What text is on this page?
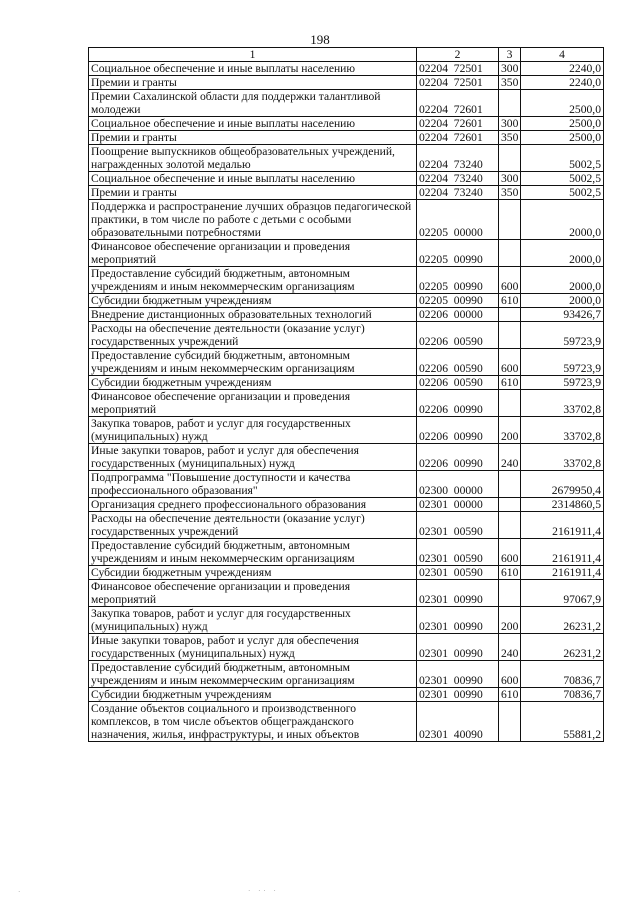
198
1	2	3	4
Социальное обеспечение и иные выплаты населению	02204  72501	300	2240,0
Премии и гранты	02204  72501	350	2240,0
Премии Сахалинской области для поддержки талантливой молодежи	02204  72601		2500,0
Социальное обеспечение и иные выплаты населению	02204  72601	300	2500,0
Премии и гранты	02204  72601	350	2500,0
Поощрение выпускников общеобразовательных учреждений, награжденных золотой медалью	02204  73240		5002,5
Социальное обеспечение и иные выплаты населению	02204  73240	300	5002,5
Премии и гранты	02204  73240	350	5002,5
Поддержка и распространение лучших образцов педагогической практики, в том числе по работе с детьми с особыми образовательными потребностями	02205  00000		2000,0
Финансовое обеспечение организации и проведения мероприятий	02205  00990		2000,0
Предоставление субсидий бюджетным, автономным учреждениям и иным некоммерческим организациям	02205  00990	600	2000,0
Субсидии бюджетным учреждениям	02205  00990	610	2000,0
Внедрение дистанционных образовательных технологий	02206  00000		93426,7
Расходы на обеспечение деятельности (оказание услуг) государственных учреждений	02206  00590		59723,9
Предоставление субсидий бюджетным, автономным учреждениям и иным некоммерческим организациям	02206  00590	600	59723,9
Субсидии бюджетным учреждениям	02206  00590	610	59723,9
Финансовое обеспечение организации и проведения мероприятий	02206  00990		33702,8
Закупка товаров, работ и услуг для государственных (муниципальных) нужд	02206  00990	200	33702,8
Иные закупки товаров, работ и услуг для обеспечения государственных (муниципальных) нужд	02206  00990	240	33702,8
Подпрограмма "Повышение доступности и качества профессионального образования"	02300  00000		2679950,4
Организация среднего профессионального образования	02301  00000		2314860,5
Расходы на обеспечение деятельности (оказание услуг) государственных учреждений	02301  00590		2161911,4
Предоставление субсидий бюджетным, автономным учреждениям и иным некоммерческим организациям	02301  00590	600	2161911,4
Субсидии бюджетным учреждениям	02301  00590	610	2161911,4
Финансовое обеспечение организации и проведения мероприятий	02301  00990		97067,9
Закупка товаров, работ и услуг для государственных (муниципальных) нужд	02301  00990	200	26231,2
Иные закупки товаров, работ и услуг для обеспечения государственных (муниципальных) нужд	02301  00990	240	26231,2
Предоставление субсидий бюджетным, автономным учреждениям и иным некоммерческим организациям	02301  00990	600	70836,7
Субсидии бюджетным учреждениям	02301  00990	610	70836,7
Создание объектов социального и производственного комплексов, в том числе объектов общегражданского назначения, жилья, инфраструктуры, и иных объектов	02301  40090		55881,2
·	· ·· ·
